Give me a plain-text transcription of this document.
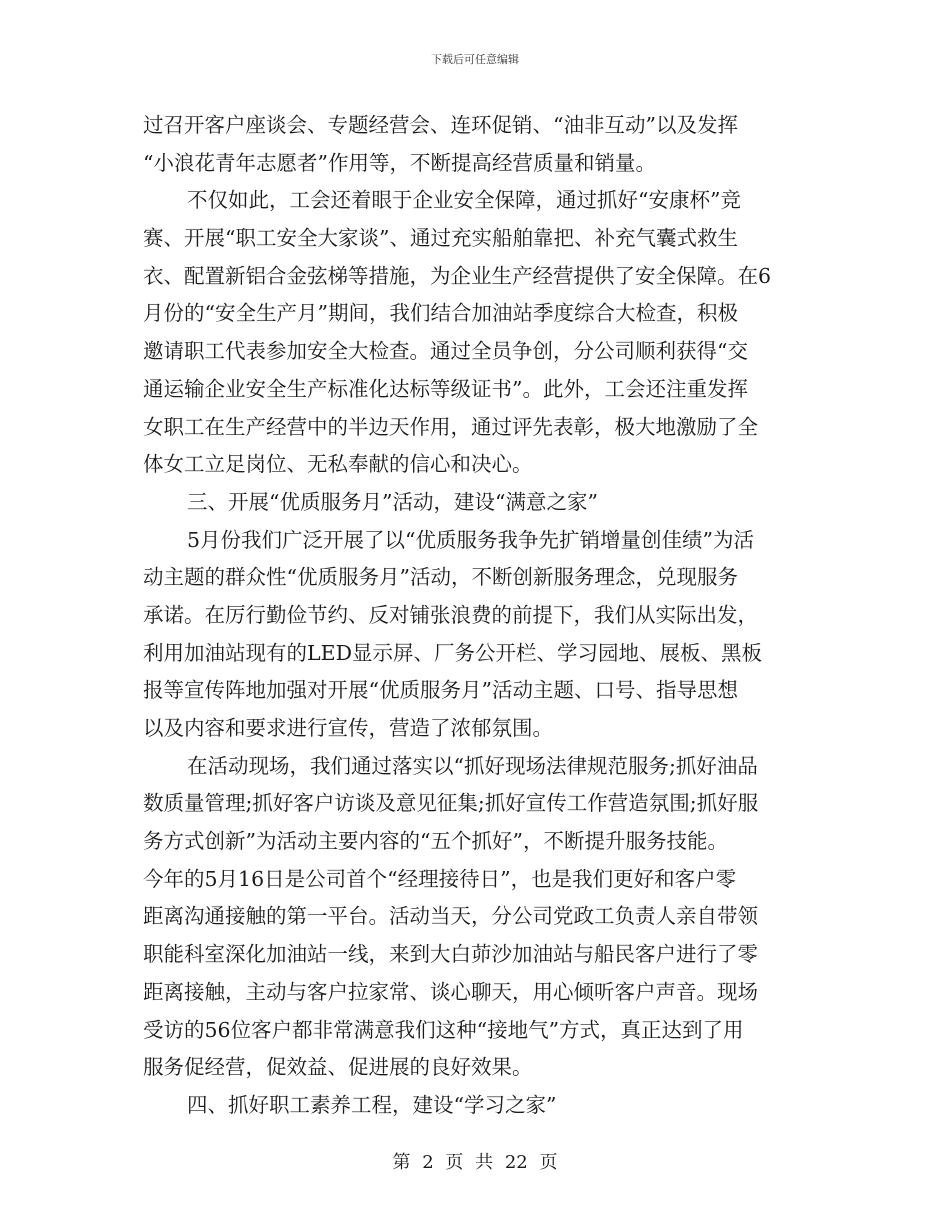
下载后可任意编辑
过召开客户座谈会、专题经营会、连环促销、“油非互动”以及发挥
“小浪花青年志愿者”作用等，不断提高经营质量和销量。
不仅如此，工会还着眼于企业安全保障，通过抓好“安康杯”竞
赛、开展“职工安全大家谈”、通过充实船舶靠把、补充气囊式救生
衣、配置新铝合金弦梯等措施，为企业生产经营提供了安全保障。在6
月份的“安全生产月”期间，我们结合加油站季度综合大检查，积极
邀请职工代表参加安全大检查。通过全员争创，分公司顺利获得“交
通运输企业安全生产标准化达标等级证书”。此外，工会还注重发挥
女职工在生产经营中的半边天作用，通过评先表彰，极大地激励了全
体女工立足岗位、无私奉献的信心和决心。
三、开展“优质服务月”活动，建设“满意之家”
5月份我们广泛开展了以“优质服务我争先扩销增量创佳绩”为活
动主题的群众性“优质服务月”活动，不断创新服务理念，兑现服务
承诺。在厉行勤俭节约、反对铺张浪费的前提下，我们从实际出发，
利用加油站现有的LED显示屏、厂务公开栏、学习园地、展板、黑板
报等宣传阵地加强对开展“优质服务月”活动主题、口号、指导思想
以及内容和要求进行宣传，营造了浓郁氛围。
在活动现场，我们通过落实以“抓好现场法律规范服务;抓好油品
数质量管理;抓好客户访谈及意见征集;抓好宣传工作营造氛围;抓好服
务方式创新”为活动主要内容的“五个抓好”，不断提升服务技能。
今年的5月16日是公司首个“经理接待日”，也是我们更好和客户零
距离沟通接触的第一平台。活动当天，分公司党政工负责人亲自带领
职能科室深化加油站一线，来到大白茆沙加油站与船民客户进行了零
距离接触，主动与客户拉家常、谈心聊天，用心倾听客户声音。现场
受访的56位客户都非常满意我们这种“接地气”方式，真正达到了用
服务促经营，促效益、促进展的良好效果。
四、抓好职工素养工程，建设“学习之家”
第 2 页 共 22 页
